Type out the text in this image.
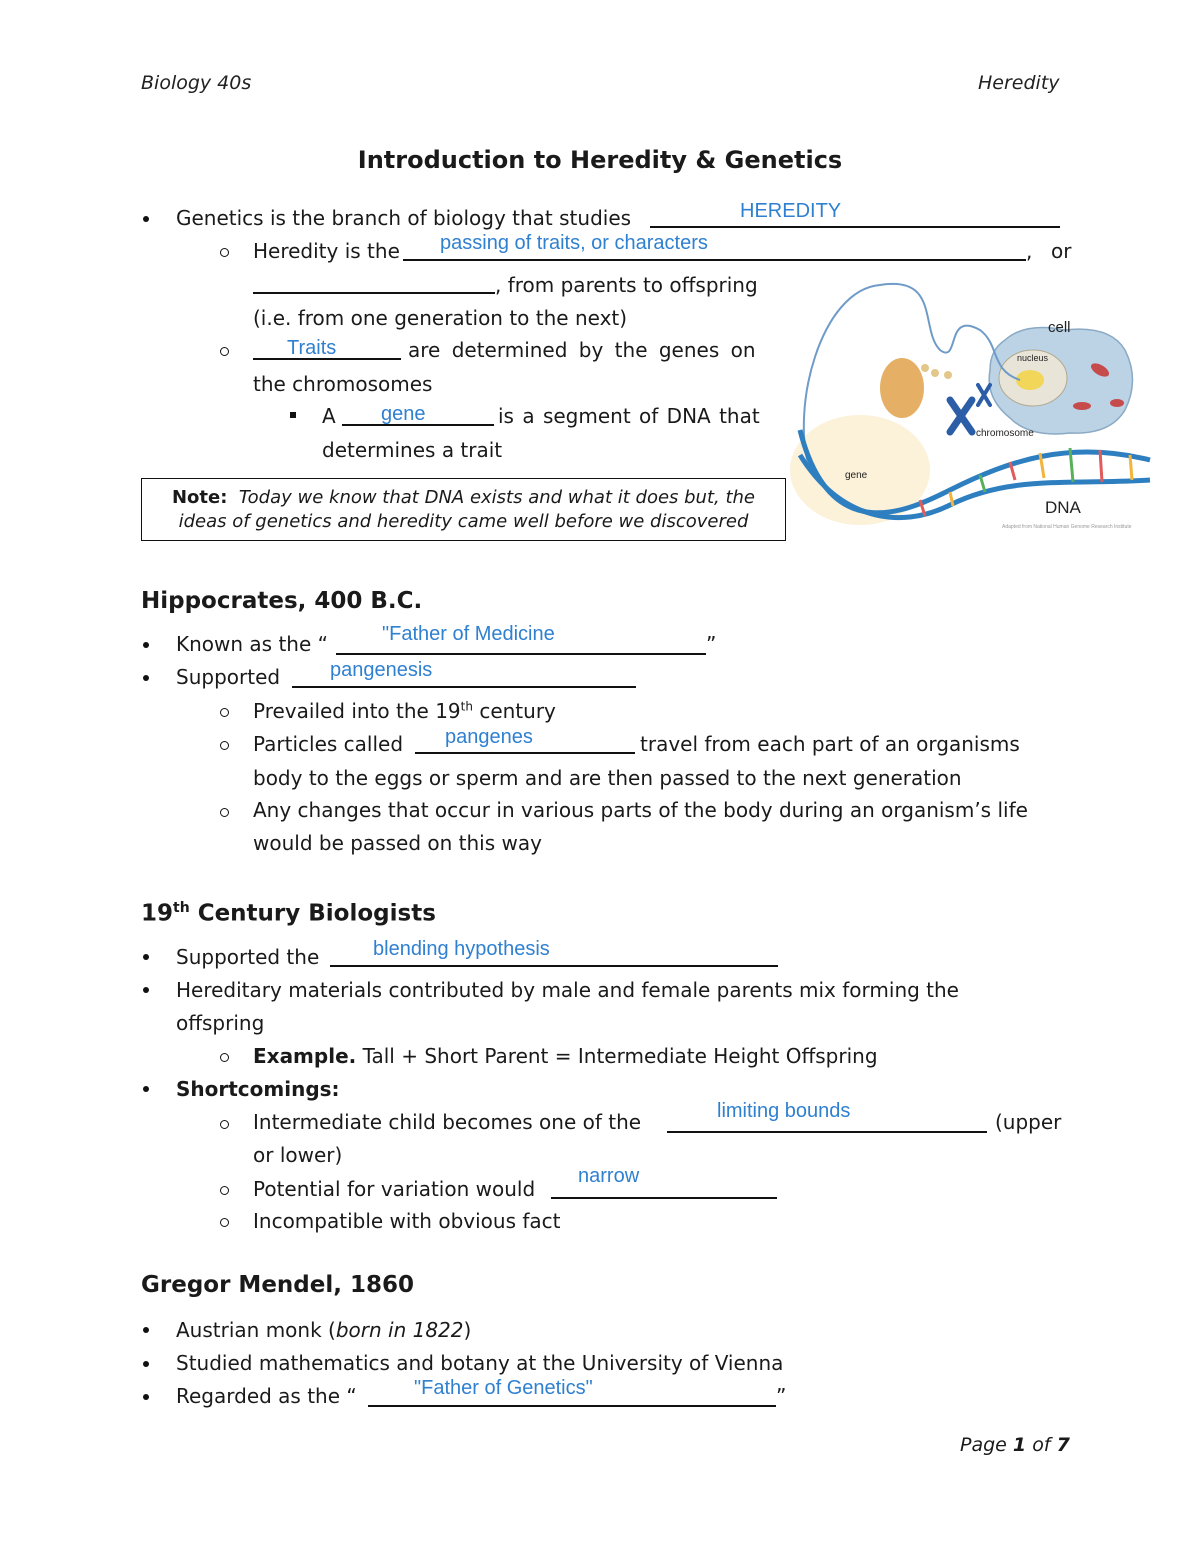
Biology 40s	Heredity
Introduction to Heredity & Genetics
Genetics is the branch of biology that studies	HEREDITY
Heredity is the passing of traits, or characters	, or
, from parents to offspring
(i.e. from one generation to the next)
Traits	are determined by the genes on
the chromosomes
A gene	is a segment of DNA that
determines a trait
Note: Today we know that DNA exists and what it does but, the
ideas of genetics and heredity came well before we discovered
cell
nucleus
chromosome
gene
DNA
Adapted from National Human Genome Research Institute
Hippocrates, 400 B.C.
Known as the “	"Father of Medicine	”
Supported pangenesis
Prevailed into the 19th century
Particles called pangenes	travel from each part of an organisms
body to the eggs or sperm and are then passed to the next generation
Any changes that occur in various parts of the body during an organism’s life
would be passed on this way
19th Century Biologists
Supported the	blending hypothesis
Hereditary materials contributed by male and female parents mix forming the
offspring
Example. Tall + Short Parent = Intermediate Height Offspring
Shortcomings:
Intermediate child becomes one of the	limiting bounds	(upper
or lower)
Potential for variation would
narrow
Incompatible with obvious fact
Gregor Mendel, 1860
Austrian monk (born in 1822)
Studied mathematics and botany at the University of Vienna
Regarded as the “	"Father of Genetics"	”
Page 1 of 7
